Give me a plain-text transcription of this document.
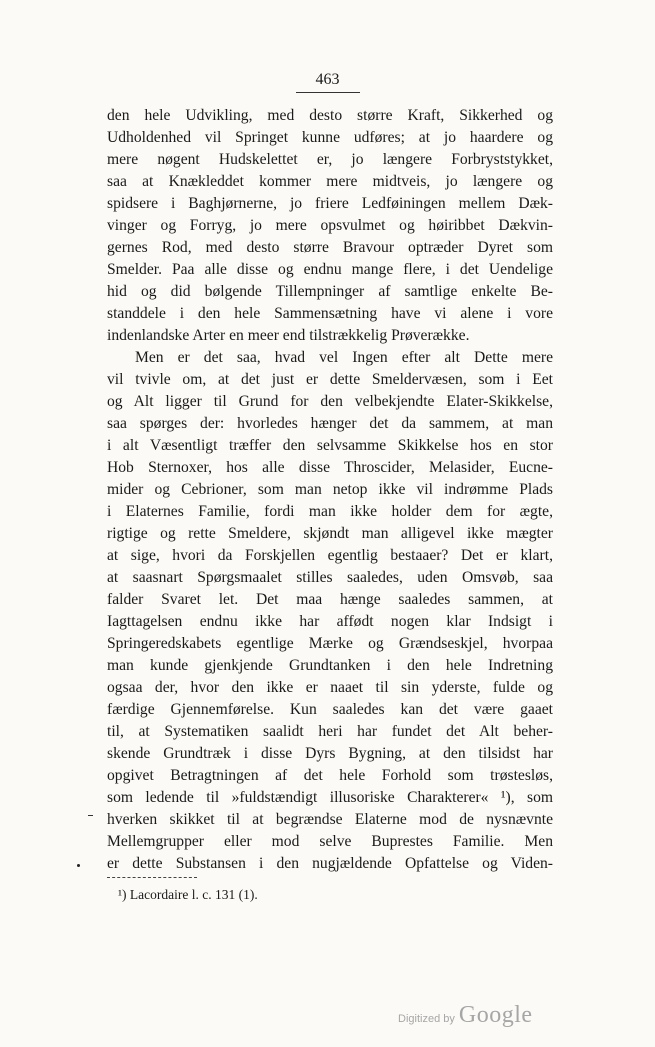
463
den hele Udvikling, med desto større Kraft, Sikkerhed og
Udholdenhed vil Springet kunne udføres; at jo haardere og
mere nøgent Hudskelettet er, jo længere Forbryststykket,
saa at Knækleddet kommer mere midtveis, jo længere og
spidsere i Baghjørnerne, jo friere Ledføiningen mellem Dæk-
vinger og Forryg, jo mere opsvulmet og høiribbet Dækvin-
gernes Rod, med desto større Bravour optræder Dyret som
Smelder. Paa alle disse og endnu mange flere, i det Uendelige
hid og did bølgende Tillempninger af samtlige enkelte Be-
standdele i den hele Sammensætning have vi alene i vore
indenlandske Arter en meer end tilstrækkelig Prøverække.
Men er det saa, hvad vel Ingen efter alt Dette mere
vil tvivle om, at det just er dette Smeldervæsen, som i Eet
og Alt ligger til Grund for den velbekjendte Elater-Skikkelse,
saa spørges der: hvorledes hænger det da sammem, at man
i alt Væsentligt træffer den selvsamme Skikkelse hos en stor
Hob Sternoxer, hos alle disse Throscider, Melasider, Eucne-
mider og Cebrioner, som man netop ikke vil indrømme Plads
i Elaternes Familie, fordi man ikke holder dem for ægte,
rigtige og rette Smeldere, skjøndt man alligevel ikke mægter
at sige, hvori da Forskjellen egentlig bestaaer? Det er klart,
at saasnart Spørgsmaalet stilles saaledes, uden Omsvøb, saa
falder Svaret let. Det maa hænge saaledes sammen, at
Iagttagelsen endnu ikke har affødt nogen klar Indsigt i
Springeredskabets egentlige Mærke og Grændseskjel, hvorpaa
man kunde gjenkjende Grundtanken i den hele Indretning
ogsaa der, hvor den ikke er naaet til sin yderste, fulde og
færdige Gjennemførelse. Kun saaledes kan det være gaaet
til, at Systematiken saalidt heri har fundet det Alt beher-
skende Grundtræk i disse Dyrs Bygning, at den tilsidst har
opgivet Betragtningen af det hele Forhold som trøstesløs,
som ledende til »fuldstændigt illusoriske Charakterer« ¹), som
hverken skikket til at begrændse Elaterne mod de nysnævnte
Mellemgrupper eller mod selve Buprestes Familie. Men
er dette Substansen i den nugjældende Opfattelse og Viden-
¹) Lacordaire l. c. 131 (1).
Digitized by Google
